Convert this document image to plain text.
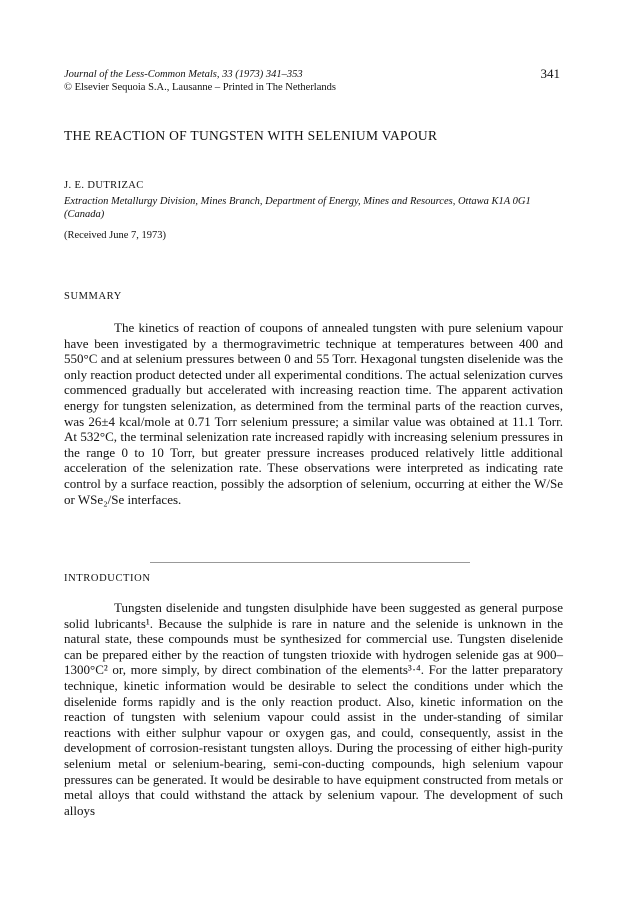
Journal of the Less-Common Metals, 33 (1973) 341–353
© Elsevier Sequoia S.A., Lausanne – Printed in The Netherlands
341
THE REACTION OF TUNGSTEN WITH SELENIUM VAPOUR
J. E. DUTRIZAC
Extraction Metallurgy Division, Mines Branch, Department of Energy, Mines and Resources, Ottawa K1A 0G1 (Canada)
(Received June 7, 1973)
SUMMARY

The kinetics of reaction of coupons of annealed tungsten with pure selenium vapour have been investigated by a thermogravimetric technique at temperatures between 400 and 550°C and at selenium pressures between 0 and 55 Torr. Hexagonal tungsten diselenide was the only reaction product detected under all experimental conditions. The actual selenization curves commenced gradually but accelerated with increasing reaction time. The apparent activation energy for tungsten selenization, as determined from the terminal parts of the reaction curves, was 26±4 kcal/mole at 0.71 Torr selenium pressure; a similar value was obtained at 11.1 Torr. At 532°C, the terminal selenization rate increased rapidly with increasing selenium pressures in the range 0 to 10 Torr, but greater pressure increases produced relatively little additional acceleration of the selenization rate. These observations were interpreted as indicating rate control by a surface reaction, possibly the adsorption of selenium, occurring at either the W/Se or WSe₂/Se interfaces.

INTRODUCTION

Tungsten diselenide and tungsten disulphide have been suggested as general purpose solid lubricants¹. Because the sulphide is rare in nature and the selenide is unknown in the natural state, these compounds must be synthesized for commercial use. Tungsten diselenide can be prepared either by the reaction of tungsten trioxide with hydrogen selenide gas at 900–1300°C² or, more simply, by direct combination of the elements³·⁴. For the latter preparatory technique, kinetic information would be desirable to select the conditions under which the diselenide forms rapidly and is the only reaction product. Also, kinetic information on the reaction of tungsten with selenium vapour could assist in the under-standing of similar reactions with either sulphur vapour or oxygen gas, and could, consequently, assist in the development of corrosion-resistant tungsten alloys. During the processing of either high-purity selenium metal or selenium-bearing, semi-con-ducting compounds, high selenium vapour pressures can be generated. It would be desirable to have equipment constructed from metals or metal alloys that could withstand the attack by selenium vapour. The development of such alloys
